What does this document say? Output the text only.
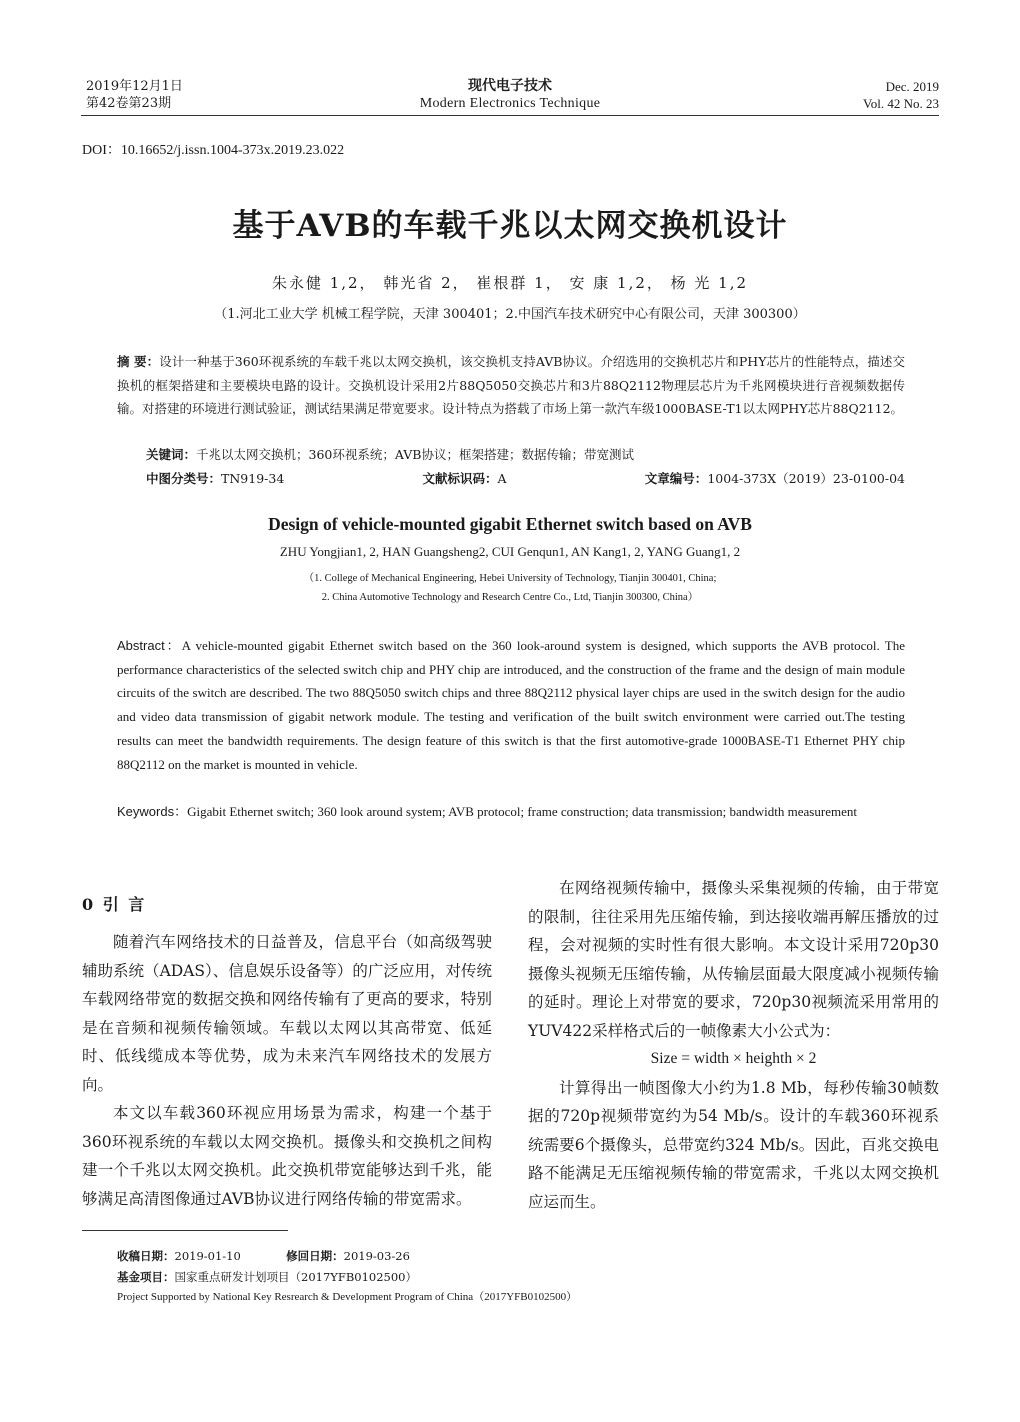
2019年12月1日
第42卷第23期
现代电子技术
Modern Electronics Technique
Dec. 2019
Vol. 42 No. 23
DOI：10.16652/j.issn.1004-373x.2019.23.022
基于AVB的车载千兆以太网交换机设计
朱永健 1,2， 韩光省 2， 崔根群 1， 安 康 1,2， 杨 光 1,2
（1.河北工业大学 机械工程学院，天津 300401；2.中国汽车技术研究中心有限公司，天津 300300）
摘 要：设计一种基于360环视系统的车载千兆以太网交换机，该交换机支持AVB协议。介绍选用的交换机芯片和PHY芯片的性能特点，描述交换机的框架搭建和主要模块电路的设计。交换机设计采用2片88Q5050交换芯片和3片88Q2112物理层芯片为千兆网模块进行音视频数据传输。对搭建的环境进行测试验证，测试结果满足带宽要求。设计特点为搭载了市场上第一款汽车级1000BASE-T1以太网PHY芯片88Q2112。
关键词：千兆以太网交换机；360环视系统；AVB协议；框架搭建；数据传输；带宽测试
中图分类号：TN919-34	文献标识码：A	文章编号：1004-373X（2019）23-0100-04
Design of vehicle-mounted gigabit Ethernet switch based on AVB
ZHU Yongjian1, 2, HAN Guangsheng2, CUI Genqun1, AN Kang1, 2, YANG Guang1, 2
（1. College of Mechanical Engineering, Hebei University of Technology, Tianjin 300401, China;
2. China Automotive Technology and Research Centre Co., Ltd, Tianjin 300300, China）
Abstract：A vehicle-mounted gigabit Ethernet switch based on the 360 look-around system is designed, which supports the AVB protocol. The performance characteristics of the selected switch chip and PHY chip are introduced, and the construction of the frame and the design of main module circuits of the switch are described. The two 88Q5050 switch chips and three 88Q2112 physical layer chips are used in the switch design for the audio and video data transmission of gigabit network module. The testing and verification of the built switch environment were carried out.The testing results can meet the bandwidth requirements. The design feature of this switch is that the first automotive-grade 1000BASE-T1 Ethernet PHY chip 88Q2112 on the market is mounted in vehicle.
Keywords：Gigabit Ethernet switch; 360 look around system; AVB protocol; frame construction; data transmission; bandwidth measurement
0 引 言

随着汽车网络技术的日益普及，信息平台（如高级驾驶辅助系统（ADAS）、信息娱乐设备等）的广泛应用，对传统车载网络带宽的数据交换和网络传输有了更高的要求，特别是在音频和视频传输领域。车载以太网以其高带宽、低延时、低线缆成本等优势，成为未来汽车网络技术的发展方向。

本文以车载360环视应用场景为需求，构建一个基于360环视系统的车载以太网交换机。摄像头和交换机之间构建一个千兆以太网交换机。此交换机带宽能够达到千兆，能够满足高清图像通过AVB协议进行网络传输的带宽需求。

在网络视频传输中，摄像头采集视频的传输，由于带宽的限制，往往采用先压缩传输，到达接收端再解压播放的过程，会对视频的实时性有很大影响。本文设计采用720p30摄像头视频无压缩传输，从传输层面最大限度减小视频传输的延时。理论上对带宽的要求，720p30视频流采用常用的YUV422采样格式后的一帧像素大小公式为：

Size = width × heighth × 2

计算得出一帧图像大小约为1.8 Mb，每秒传输30帧数据的720p视频带宽约为54 Mb/s。设计的车载360环视系统需要6个摄像头，总带宽约324 Mb/s。因此，百兆交换电路不能满足无压缩视频传输的带宽需求，千兆以太网交换机应运而生。

收稿日期：2019-01-10	修回日期：2019-03-26
基金项目：国家重点研发计划项目（2017YFB0102500）
Project Supported by National Key Resrearch & Development Program of China（2017YFB0102500）
